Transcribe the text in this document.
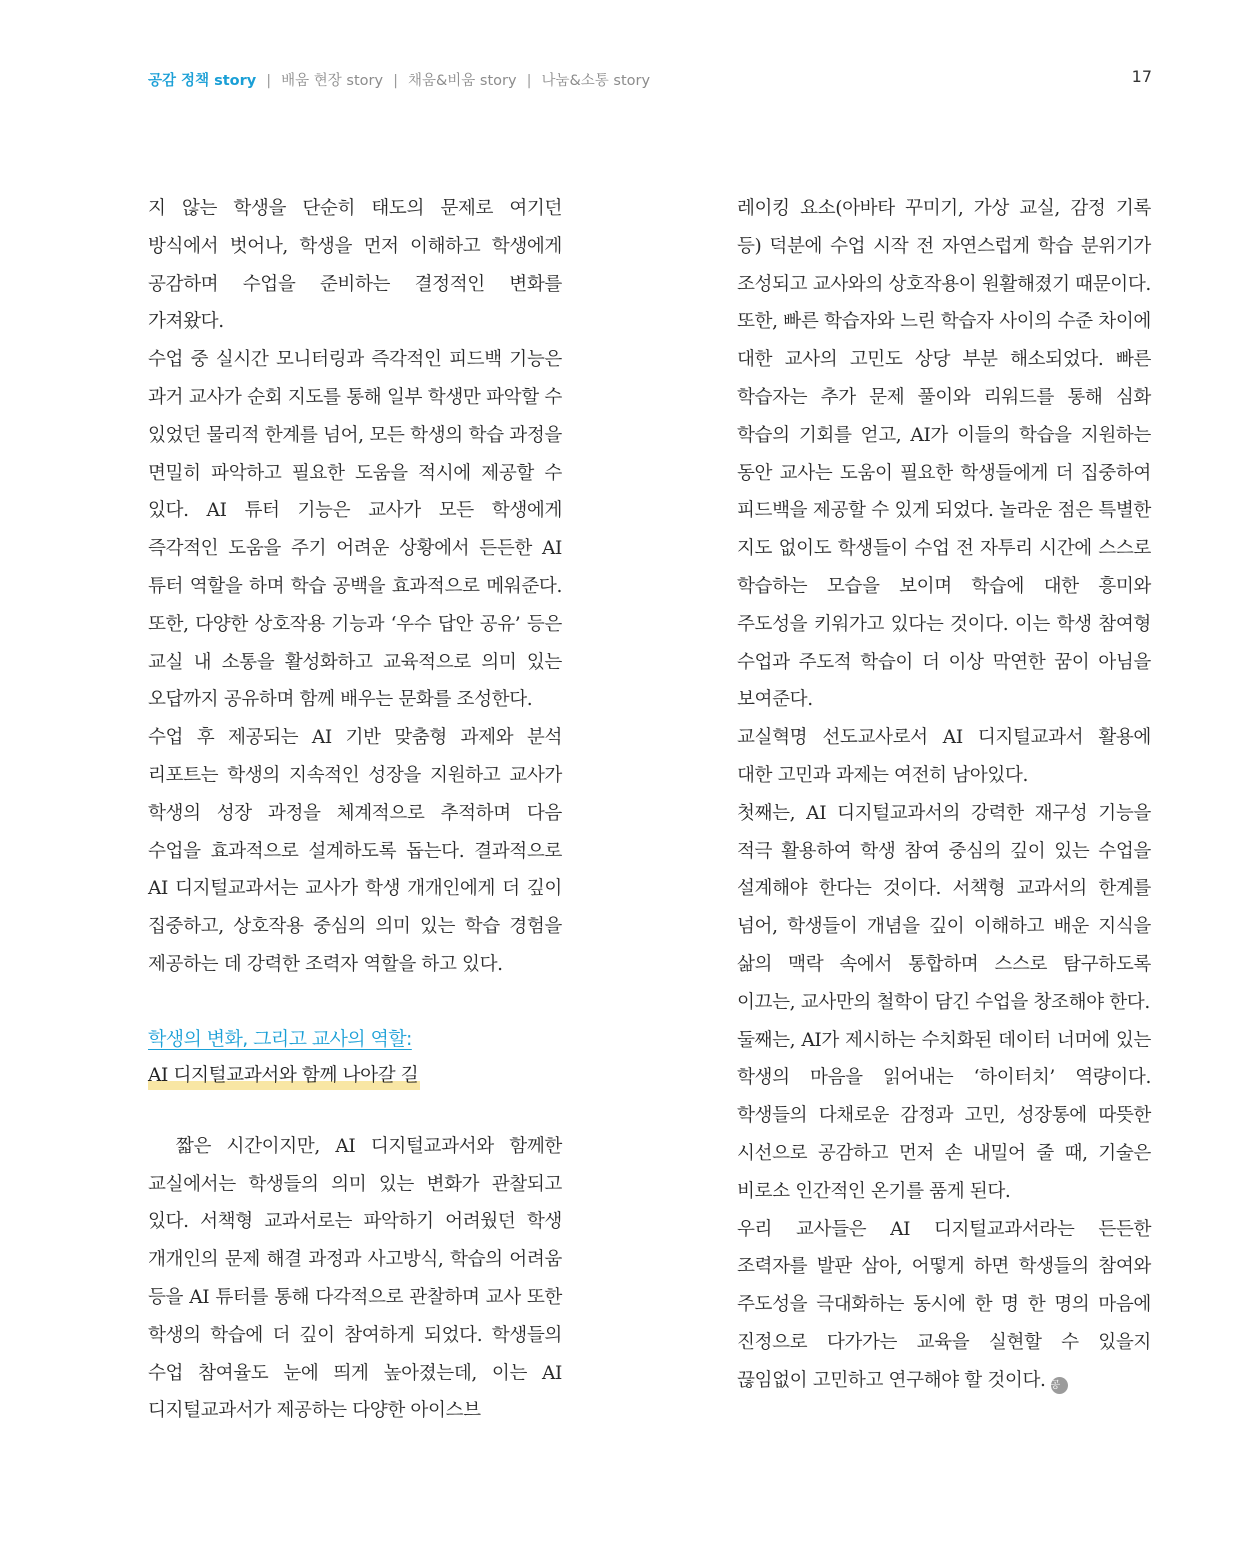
공감 정책 story | 배움 현장 story | 채움&비움 story | 나눔&소통 story	17

지 않는 학생을 단순히 태도의 문제로 여기던 방식에서 벗어나, 학생을 먼저 이해하고 학생에게 공감하며 수업을 준비하는 결정적인 변화를 가져왔다.

수업 중 실시간 모니터링과 즉각적인 피드백 기능은 과거 교사가 순회 지도를 통해 일부 학생만 파악할 수 있었던 물리적 한계를 넘어, 모든 학생의 학습 과정을 면밀히 파악하고 필요한 도움을 적시에 제공할 수 있다. AI 튜터 기능은 교사가 모든 학생에게 즉각적인 도움을 주기 어려운 상황에서 든든한 AI 튜터 역할을 하며 학습 공백을 효과적으로 메워준다. 또한, 다양한 상호작용 기능과 ‘우수 답안 공유’ 등은 교실 내 소통을 활성화하고 교육적으로 의미 있는 오답까지 공유하며 함께 배우는 문화를 조성한다.

수업 후 제공되는 AI 기반 맞춤형 과제와 분석 리포트는 학생의 지속적인 성장을 지원하고 교사가 학생의 성장 과정을 체계적으로 추적하며 다음 수업을 효과적으로 설계하도록 돕는다. 결과적으로 AI 디지털교과서는 교사가 학생 개개인에게 더 깊이 집중하고, 상호작용 중심의 의미 있는 학습 경험을 제공하는 데 강력한 조력자 역할을 하고 있다.

학생의 변화, 그리고 교사의 역할:
AI 디지털교과서와 함께 나아갈 길

짧은 시간이지만, AI 디지털교과서와 함께한 교실에서는 학생들의 의미 있는 변화가 관찰되고 있다. 서책형 교과서로는 파악하기 어려웠던 학생 개개인의 문제 해결 과정과 사고방식, 학습의 어려움 등을 AI 튜터를 통해 다각적으로 관찰하며 교사 또한 학생의 학습에 더 깊이 참여하게 되었다. 학생들의 수업 참여율도 눈에 띄게 높아졌는데, 이는 AI 디지털교과서가 제공하는 다양한 아이스브

레이킹 요소(아바타 꾸미기, 가상 교실, 감정 기록 등) 덕분에 수업 시작 전 자연스럽게 학습 분위기가 조성되고 교사와의 상호작용이 원활해졌기 때문이다.

또한, 빠른 학습자와 느린 학습자 사이의 수준 차이에 대한 교사의 고민도 상당 부분 해소되었다. 빠른 학습자는 추가 문제 풀이와 리워드를 통해 심화 학습의 기회를 얻고, AI가 이들의 학습을 지원하는 동안 교사는 도움이 필요한 학생들에게 더 집중하여 피드백을 제공할 수 있게 되었다. 놀라운 점은 특별한 지도 없이도 학생들이 수업 전 자투리 시간에 스스로 학습하는 모습을 보이며 학습에 대한 흥미와 주도성을 키워가고 있다는 것이다. 이는 학생 참여형 수업과 주도적 학습이 더 이상 막연한 꿈이 아님을 보여준다.

교실혁명 선도교사로서 AI 디지털교과서 활용에 대한 고민과 과제는 여전히 남아있다.

첫째는, AI 디지털교과서의 강력한 재구성 기능을 적극 활용하여 학생 참여 중심의 깊이 있는 수업을 설계해야 한다는 것이다. 서책형 교과서의 한계를 넘어, 학생들이 개념을 깊이 이해하고 배운 지식을 삶의 맥락 속에서 통합하며 스스로 탐구하도록 이끄는, 교사만의 철학이 담긴 수업을 창조해야 한다.

둘째는, AI가 제시하는 수치화된 데이터 너머에 있는 학생의 마음을 읽어내는 ‘하이터치’ 역량이다. 학생들의 다채로운 감정과 고민, 성장통에 따뜻한 시선으로 공감하고 먼저 손 내밀어 줄 때, 기술은 비로소 인간적인 온기를 품게 된다.

우리 교사들은 AI 디지털교과서라는 든든한 조력자를 발판 삼아, 어떻게 하면 학생들의 참여와 주도성을 극대화하는 동시에 한 명 한 명의 마음에 진정으로 다가가는 교육을 실현할 수 있을지 끊임없이 고민하고 연구해야 할 것이다. 공
